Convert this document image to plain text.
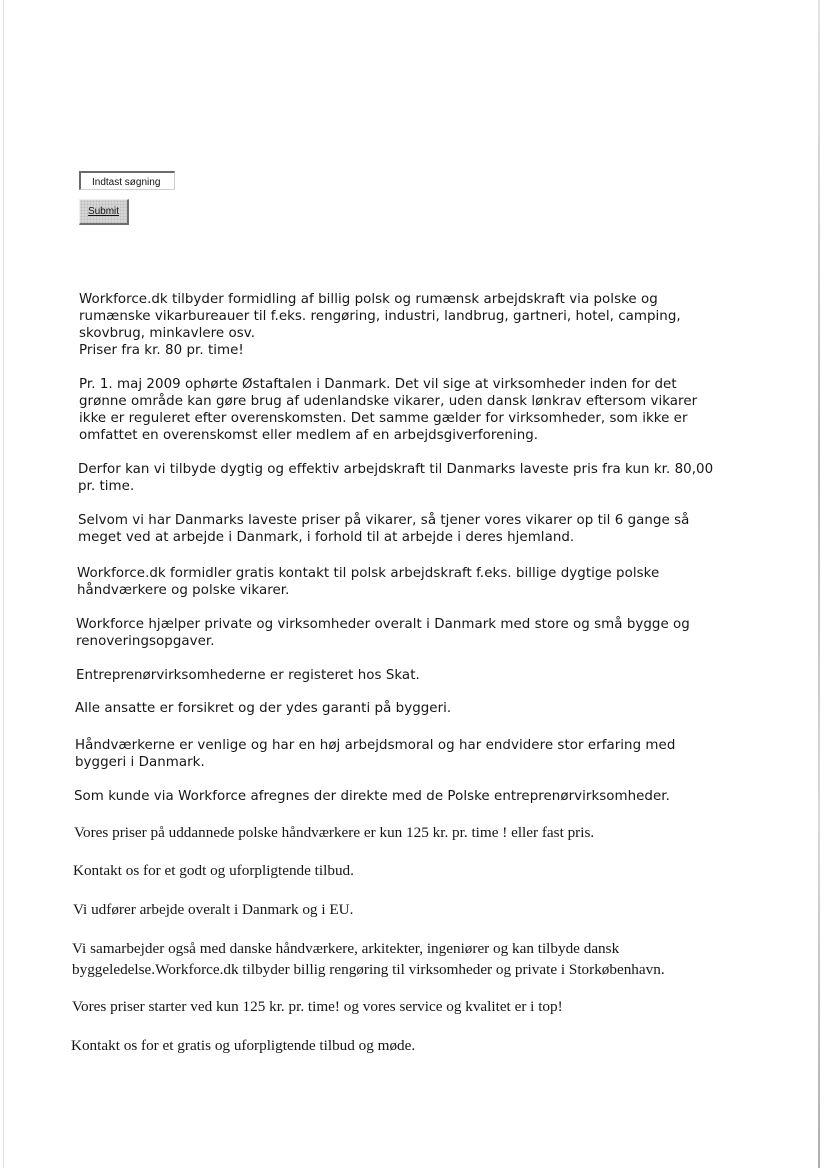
Indtast søgning
Submit
Workforce.dk tilbyder formidling af billig polsk og rumænsk arbejdskraft via polske og
rumænske vikarbureauer til f.eks. rengøring, industri, landbrug, gartneri, hotel, camping,
skovbrug, minkavlere osv.
Priser fra kr. 80 pr. time!
Pr. 1. maj 2009 ophørte Østaftalen i Danmark. Det vil sige at virksomheder inden for det
grønne område kan gøre brug af udenlandske vikarer, uden dansk lønkrav eftersom vikarer
ikke er reguleret efter overenskomsten. Det samme gælder for virksomheder, som ikke er
omfattet en overenskomst eller medlem af en arbejdsgiverforening.
Derfor kan vi tilbyde dygtig og effektiv arbejdskraft til Danmarks laveste pris fra kun kr. 80,00
pr. time.
Selvom vi har Danmarks laveste priser på vikarer, så tjener vores vikarer op til 6 gange så
meget ved at arbejde i Danmark, i forhold til at arbejde i deres hjemland.
Workforce.dk formidler gratis kontakt til polsk arbejdskraft f.eks. billige dygtige polske
håndværkere og polske vikarer.
Workforce hjælper private og virksomheder overalt i Danmark med store og små bygge og
renoveringsopgaver.
Entreprenørvirksomhederne er registeret hos Skat.
Alle ansatte er forsikret og der ydes garanti på byggeri.
Håndværkerne er venlige og har en høj arbejdsmoral og har endvidere stor erfaring med
byggeri i Danmark.
Som kunde via Workforce afregnes der direkte med de Polske entreprenørvirksomheder.
Vores priser på uddannede polske håndværkere er kun 125 kr. pr. time ! eller fast pris.
Kontakt os for et godt og uforpligtende tilbud.
Vi udfører arbejde overalt i Danmark og i EU.
Vi samarbejder også med danske håndværkere, arkitekter, ingeniører og kan tilbyde dansk
byggeledelse.Workforce.dk tilbyder billig rengøring til virksomheder og private i Storkøbenhavn.
Vores priser starter ved kun 125 kr. pr. time! og vores service og kvalitet er i top!
Kontakt os for et gratis og uforpligtende tilbud og møde.
